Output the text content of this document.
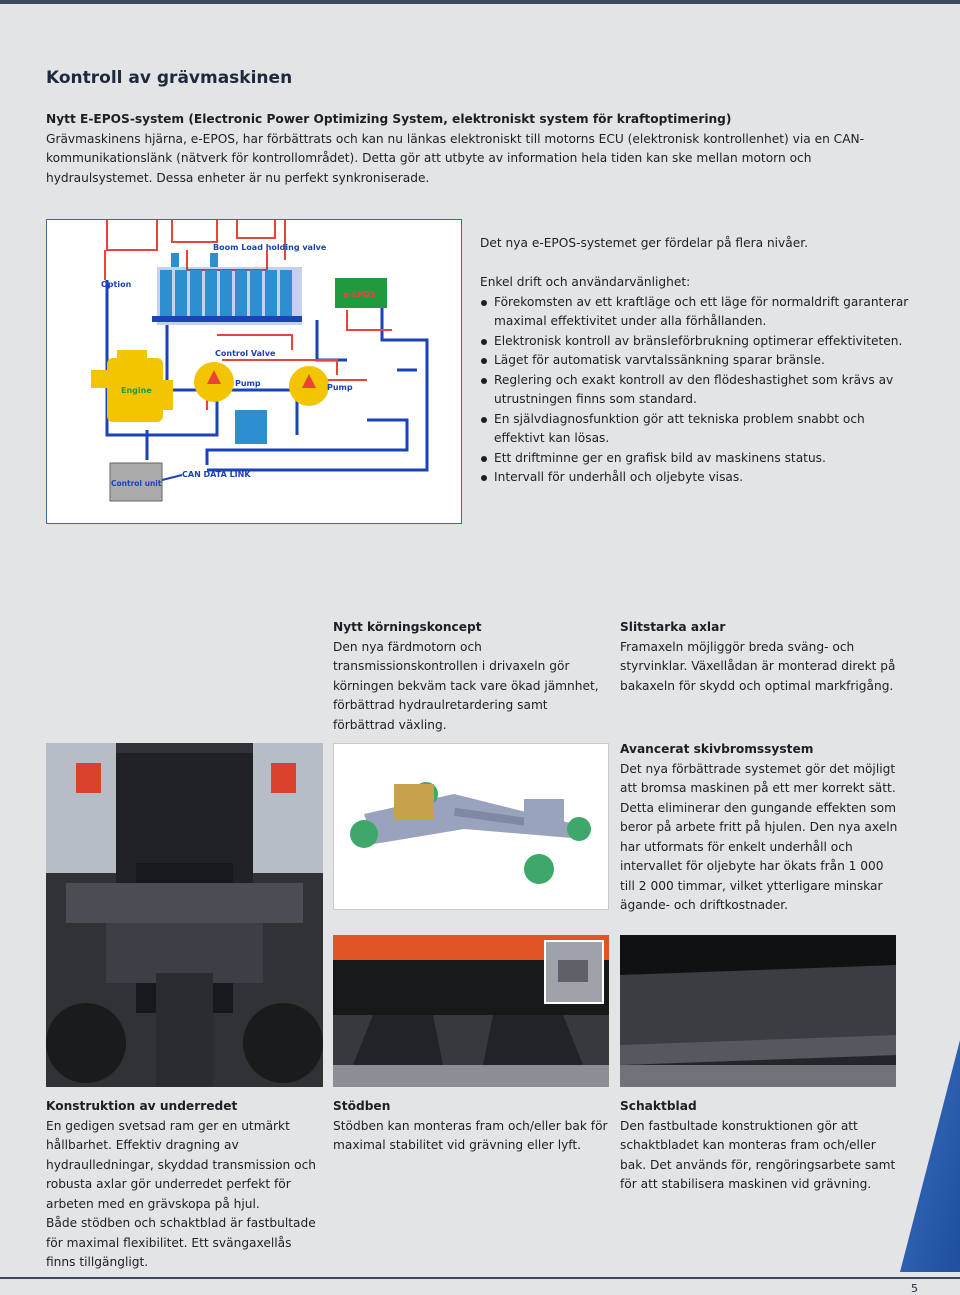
Kontroll av grävmaskinen
Nytt E-EPOS-system (Electronic Power Optimizing System, elektroniskt system för kraftoptimering)
Grävmaskinens hjärna, e-EPOS, har förbättrats och kan nu länkas elektroniskt till motorns ECU (elektronisk kontrollenhet) via en CAN-kommunikationslänk (nätverk för kontrollområdet). Detta gör att utbyte av information hela tiden kan ske mellan motorn och hydraulsystemet. Dessa enheter är nu perfekt synkroniserade.
Boom Load holding valve
Option
e-EPOS
Control Valve
Engine
Pump	Pump
Control unit
CAN DATA LINK
Det nya e-EPOS-systemet ger fördelar på flera nivåer.
Enkel drift och användarvänlighet:
Förekomsten av ett kraftläge och ett läge för normaldrift garanterar maximal effektivitet under alla förhållanden.
Elektronisk kontroll av bränsleförbrukning optimerar effektiviteten.
Läget för automatisk varvtalssänkning sparar bränsle.
Reglering och exakt kontroll av den flödeshastighet som krävs av utrustningen finns som standard.
En självdiagnosfunktion gör att tekniska problem snabbt och effektivt kan lösas.
Ett driftminne ger en grafisk bild av maskinens status.
Intervall för underhåll och oljebyte visas.
Nytt körningskoncept
Den nya färdmotorn och transmissionskontrollen i drivaxeln gör körningen bekväm tack vare ökad jämnhet, förbättrad hydraulretardering samt förbättrad växling.
Slitstarka axlar
Framaxeln möjliggör breda sväng- och styrvinklar. Växellådan är monterad direkt på bakaxeln för skydd och optimal markfrigång.
Avancerat skivbromssystem
Det nya förbättrade systemet gör det möjligt att bromsa maskinen på ett mer korrekt sätt. Detta eliminerar den gungande effekten som beror på arbete fritt på hjulen. Den nya axeln har utformats för enkelt underhåll och intervallet för oljebyte har ökats från 1 000 till 2 000 timmar, vilket ytterligare minskar ägande- och driftkostnader.
Konstruktion av underredet
En gedigen svetsad ram ger en utmärkt hållbarhet. Effektiv dragning av hydraulledningar, skyddad transmission och robusta axlar gör underredet perfekt för arbeten med en grävskopa på hjul.
Både stödben och schaktblad är fastbultade för maximal flexibilitet. Ett svängaxellås finns tillgängligt.
Stödben
Stödben kan monteras fram och/eller bak för maximal stabilitet vid grävning eller lyft.
Schaktblad
Den fastbultade konstruktionen gör att schaktbladet kan monteras fram och/eller bak. Det används för, rengöringsarbete samt för att stabilisera maskinen vid grävning.
5
